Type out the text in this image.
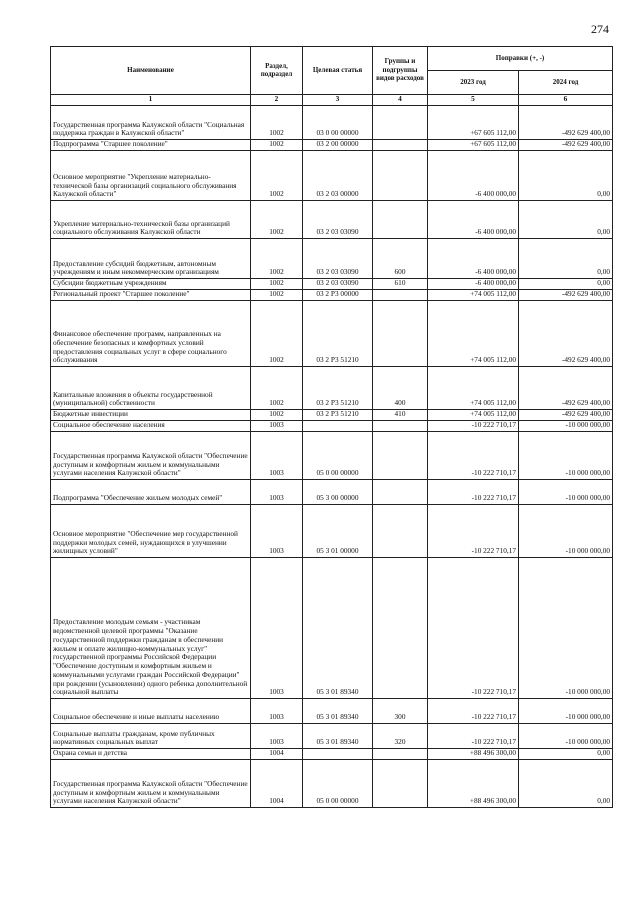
274
Наименование	Раздел, подраздел	Целевая статья	Группы и подгруппы видов расходов	Поправки (+, -)	
				2023 год	2024 год
1	2	3	4	5	6
Государственная программа Калужской области "Социальная поддержка граждан в Калужской области"	1002	03 0 00 00000		+67 605 112,00	-492 629 400,00
Подпрограмма "Старшее поколение"	1002	03 2 00 00000		+67 605 112,00	-492 629 400,00
Основное мероприятие "Укрепление материально-технической базы организаций социального обслуживания Калужской области"	1002	03 2 03 00000		-6 400 000,00	0,00
Укрепление материально-технической базы организаций социального обслуживания Калужской области	1002	03 2 03 03090		-6 400 000,00	0,00
Предоставление субсидий бюджетным, автономным учреждениям и иным некоммерческим организациям	1002	03 2 03 03090	600	-6 400 000,00	0,00
Субсидии бюджетным учреждениям	1002	03 2 03 03090	610	-6 400 000,00	0,00
Региональный проект "Старшее поколение"	1002	03 2 P3 00000		+74 005 112,00	-492 629 400,00
Финансовое обеспечение программ, направленных на обеспечение безопасных и комфортных условий предоставления социальных услуг в сфере социального обслуживания	1002	03 2 P3 51210		+74 005 112,00	-492 629 400,00
Капитальные вложения в объекты государственной (муниципальной) собственности	1002	03 2 P3 51210	400	+74 005 112,00	-492 629 400,00
Бюджетные инвестиции	1002	03 2 P3 51210	410	+74 005 112,00	-492 629 400,00
Социальное обеспечение населения	1003			-10 222 710,17	-10 000 000,00
Государственная программа Калужской области "Обеспечение доступным и комфортным жильем и коммунальными услугами населения Калужской области"	1003	05 0 00 00000		-10 222 710,17	-10 000 000,00
Подпрограмма "Обеспечение жильем молодых семей"	1003	05 3 00 00000		-10 222 710,17	-10 000 000,00
Основное мероприятие "Обеспечение мер государственной поддержки молодых семей, нуждающихся в улучшении жилищных условий"	1003	05 3 01 00000		-10 222 710,17	-10 000 000,00
Предоставление молодым семьям - участникам ведомственной целевой программы "Оказание государственной поддержки гражданам в обеспечении жильем и оплате жилищно-коммунальных услуг" государственной программы Российской Федерации "Обеспечение доступным и комфортным жильем и коммунальными услугами граждан Российской Федерации" при рождении (усыновлении) одного ребенка дополнительной социальной выплаты	1003	05 3 01 89340		-10 222 710,17	-10 000 000,00
Социальное обеспечение и иные выплаты населению	1003	05 3 01 89340	300	-10 222 710,17	-10 000 000,00
Социальные выплаты гражданам, кроме публичных нормативных социальных выплат	1003	05 3 01 89340	320	-10 222 710,17	-10 000 000,00
Охрана семьи и детства	1004			+88 496 300,00	0,00
Государственная программа Калужской области "Обеспечение доступным и комфортным жильем и коммунальными услугами населения Калужской области"	1004	05 0 00 00000		+88 496 300,00	0,00
